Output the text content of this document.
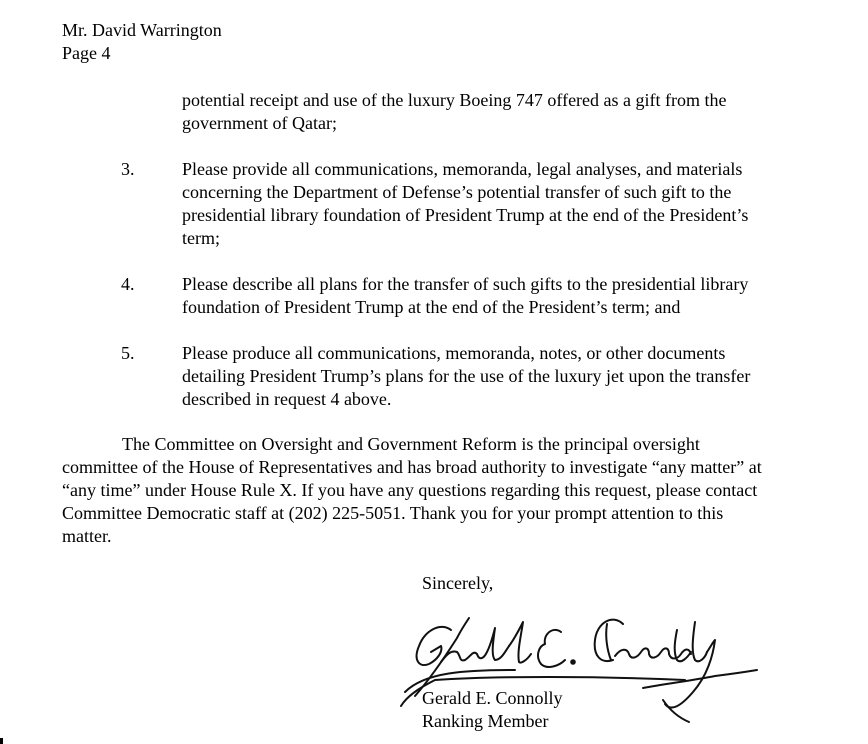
Mr. David Warrington
Page 4
potential receipt and use of the luxury Boeing 747 offered as a gift from the
government of Qatar;
3.	Please provide all communications, memoranda, legal analyses, and materials
concerning the Department of Defense’s potential transfer of such gift to the
presidential library foundation of President Trump at the end of the President’s
term;
4.	Please describe all plans for the transfer of such gifts to the presidential library
foundation of President Trump at the end of the President’s term; and
5.	Please produce all communications, memoranda, notes, or other documents
detailing President Trump’s plans for the use of the luxury jet upon the transfer
described in request 4 above.
The Committee on Oversight and Government Reform is the principal oversight
committee of the House of Representatives and has broad authority to investigate “any matter” at
“any time” under House Rule X. If you have any questions regarding this request, please contact
Committee Democratic staff at (202) 225-5051. Thank you for your prompt attention to this
matter.
Sincerely,
Gerald E. Connolly
Ranking Member
